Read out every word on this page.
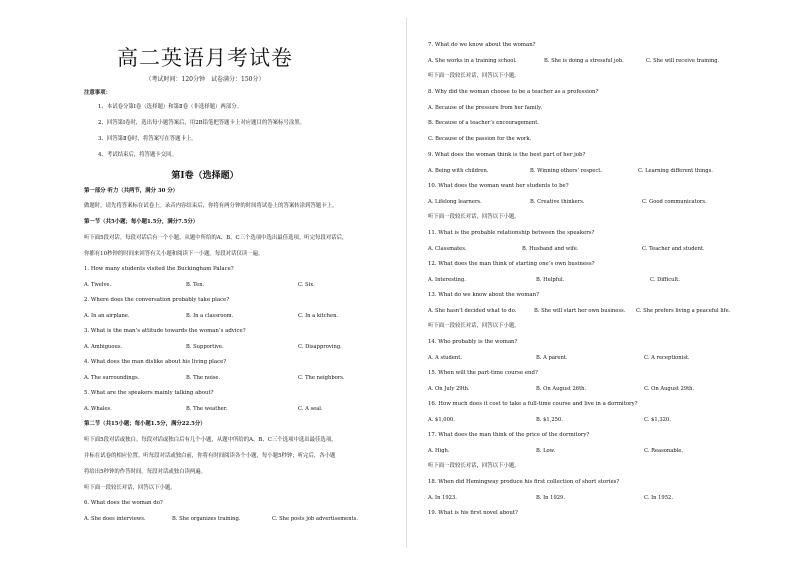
高二英语月考试卷
（考试时间：120分钟　试卷满分：150分）
注意事项：
1、本试卷分第Ⅰ卷（选择题）和第Ⅱ卷（非选择题）两部分。
2、回答第Ⅰ卷时，选出每小题答案后，用2B铅笔把答题卡上对应题目的答案标号涂黑。
3、回答第Ⅱ卷时，将答案写在答题卡上。
4、考试结束后，将答题卡交回。
第Ⅰ卷（选择题）
第一部分 听力（共两节，满分 30 分）
做题时，请先将答案标在试卷上。录音内容结束后，你将有两分钟的时间将试卷上的答案转涂到答题卡上。
第一节（共5小题；每小题1.5分，满分7.5分）
听下面5段对话。每段对话后有一个小题，从题中所给的A、B、C三个选项中选出最佳选项。听完每段对话后，
你都有10秒钟的时间来回答有关小题和阅读下一小题。每段对话仅读一遍。
1. How many students visited the Buckingham Palace?
A. Twelve.	B. Ten.	C. Six.
2. Where does the conversation probably take place?
A. In an airplane.	B. In a classroom.	C. In a kitchen.
3. What is the man’s attitude towards the woman’s advice?
A. Ambiguous.	B. Supportive.	C. Disapproving.
4. What does the man dislike about his living place?
A. The surroundings.	B. The noise.	C. The neighbors.
5. What are the speakers mainly talking about?
A. Whales.	B. The weather.	C. A seal.
第二节（共15小题；每小题1.5分，满分22.5分）
听下面5段对话或独白。每段对话或独白后有几个小题，从题中所给的A、B、C三个选项中选出最佳选项，
并标在试卷的相应位置。听每段对话或独白前，你将有时间阅读各个小题，每小题5秒钟；听完后，各小题
将给出5秒钟的作答时间。每段对话或独白读两遍。
听下面一段较长对话，回答以下小题。
6. What does the woman do?
A. She does interviews.	B. She organizes training.	C. She posts job advertisements.
7. What do we know about the woman?
A. She works in a training school.	B. She is doing a stressful job.	C. She will receive training.
听下面一段较长对话，回答以下小题。
8. Why did the woman choose to be a teacher as a profession?
A. Because of the pressure from her family.
B. Because of a teacher’s encouragement.
C. Because of the passion for the work.
9. What does the woman think is the best part of her job?
A. Being with children.	B. Winning others’ respect.	C. Learning different things.
10. What does the woman want her students to be?
A. Lifelong learners.	B. Creative thinkers.	C. Good communicators.
听下面一段较长对话，回答以下小题。
11. What is the probable relationship between the speakers?
A. Classmates.	B. Husband and wife.	C. Teacher and student.
12. What does the man think of starting one’s own business?
A. Interesting.	B. Helpful.	C. Difficult.
13. What do we know about the woman?
A. She hasn’t decided what to do.	B. She will start her own business. C. She prefers living a peaceful life.
听下面一段较长对话，回答以下小题。
14. Who probably is the woman?
A. A student.	B. A parent.	C. A receptionist.
15. When will the part-time course end?
A. On July 29th.	B. On August 26th.	C. On August 29th.
16. How much does it cost to take a full-time course and live in a dormitory?
A. $1,000.	B. $1,250.	C. $1,320.
17. What does the man think of the price of the dormitory?
A. High.	B. Low.	C. Reasonable.
听下面一段较长对话，回答以下小题。
18. When did Hemingway produce his first collection of short stories?
A. In 1923.	B. In 1929.	C. In 1952.
19. What is his first novel about?
